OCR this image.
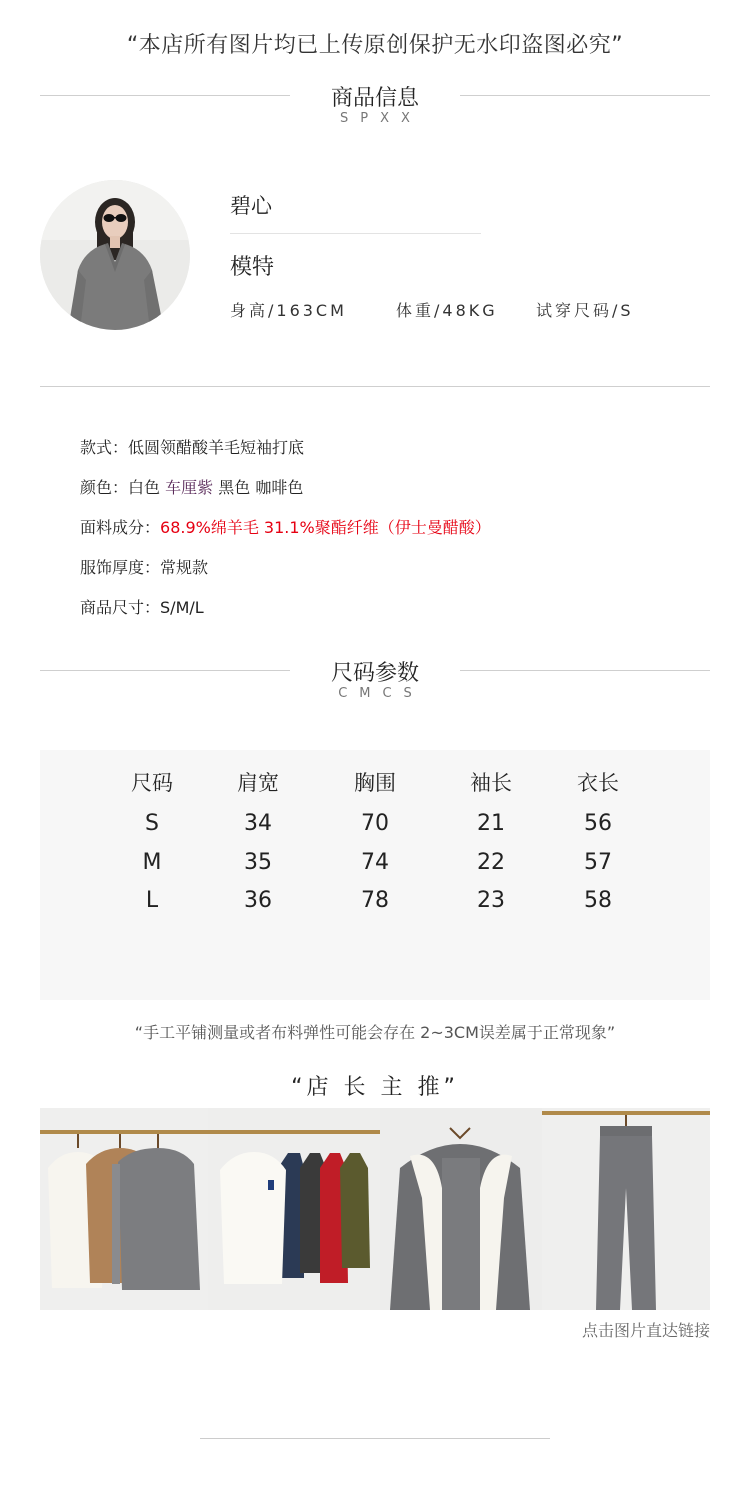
“本店所有图片均已上传原创保护无水印盗图必究”
商品信息
SPXX
碧心
模特
身高/163CM	体重/48KG 试穿尺码/S
款式：低圆领醋酸羊毛短袖打底
颜色：白色 车厘紫 黑色 咖啡色
面料成分：68.9%绵羊毛 31.1%聚酯纤维（伊士曼醋酸）
服饰厚度：常规款
商品尺寸：S/M/L
尺码参数
CMCS
尺码	肩宽	胸围	袖长	衣长
S	34	70	21	56
M	35	74	22	57
L	36	78	23	58
“手工平铺测量或者布料弹性可能会存在 2~3CM误差属于正常现象”
“店 长 主 推”
点击图片直达链接
